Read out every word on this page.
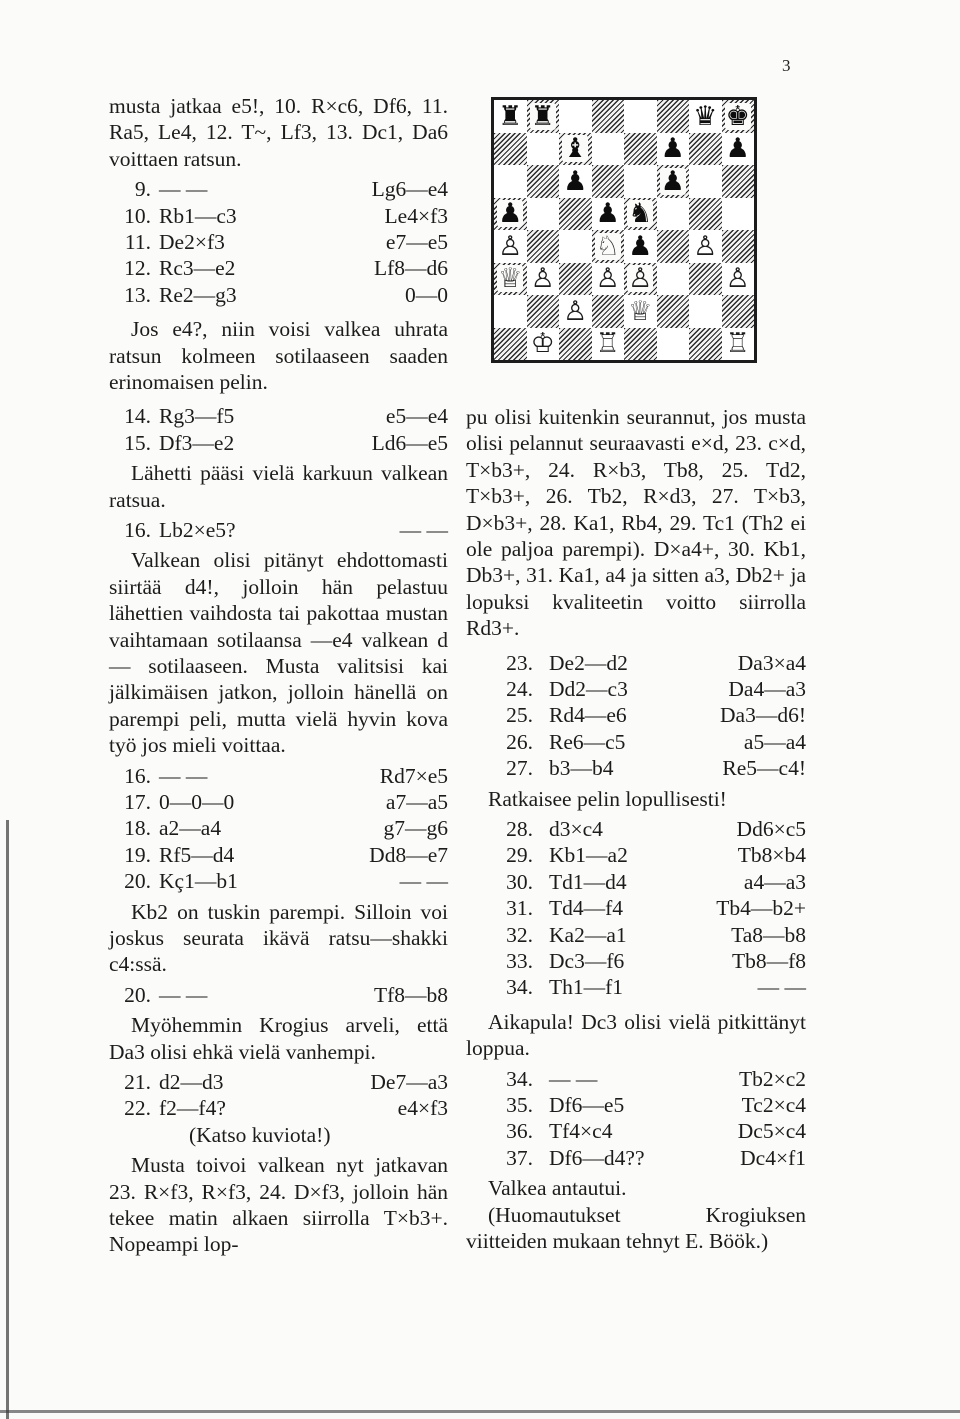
3

musta jatkaa e5!, 10. R×c6, Df6, 11. Ra5, Le4, 12. T~, Lf3, 13. Dc1, Da6 voittaen ratsun.

9. — —	Lg6—e4
10. Rb1—c3	Le4×f3
11. De2×f3	e7—e5
12. Rc3—e2	Lf8—d6
13. Re2—g3	0—0

Jos e4?, niin voisi valkea uhrata ratsun kolmeen sotilaaseen saaden erinomaisen pelin.

14. Rg3—f5	e5—e4
15. Df3—e2	Ld6—e5

Lähetti pääsi vielä karkuun valkean ratsua.

16. Lb2×e5?	— —

Valkean olisi pitänyt ehdottomasti siirtää d4!, jolloin hän pelastuu lähettien vaihdosta tai pakottaa mustan vaihtamaan sotilaansa —e4 valkean d— sotilaaseen. Musta valitsisi kai jälkimäisen jatkon, jolloin hänellä on parempi peli, mutta vielä hyvin kova työ jos mieli voittaa.

16. — —	Rd7×e5
17. 0—0—0	a7—a5
18. a2—a4	g7—g6
19. Rf5—d4	Dd8—e7
20. Kç1—b1	— —

Kb2 on tuskin parempi. Silloin voi joskus seurata ikävä ratsu—shakki c4:ssä.

20. — —	Tf8—b8

Myöhemmin Krogius arveli, että Da3 olisi ehkä vielä vanhempi.

21. d2—d3	De7—a3
22. f2—f4?	e4×f3

(Katso kuviota!)

Musta toivoi valkean nyt jatkavan 23. R×f3, R×f3, 24. D×f3, jolloin hän tekee matin alkaen siirrolla T×b3+. Nopeampi lop-

♜ ♜	♛ ♚
♝	♟ ♟
♟	♟
♟	♟ ♞
♙	♘ ♟ ♙
♕ ♙ ♙ ♙	♙
♙ ♕
♔ ♖	♖

pu olisi kuitenkin seurannut, jos musta olisi pelannut seuraavasti e×d, 23. c×d, T×b3+, 24. R×b3, Tb8, 25. Td2, T×b3+, 26. Tb2, R×d3, 27. T×b3, D×b3+, 28. Ka1, Rb4, 29. Tc1 (Th2 ei ole paljoa parempi). D×a4+, 30. Kb1, Db3+, 31. Ka1, a4 ja sitten a3, Db2+ ja lopuksi kvaliteetin voitto siirrolla Rd3+.

23. De2—d2	Da3×a4
24. Dd2—c3	Da4—a3
25. Rd4—e6	Da3—d6!
26. Re6—c5	a5—a4
27. b3—b4	Re5—c4!

Ratkaisee pelin lopullisesti!

28. d3×c4	Dd6×c5
29. Kb1—a2	Tb8×b4
30. Td1—d4	a4—a3
31. Td4—f4	Tb4—b2+
32. Ka2—a1	Ta8—b8
33. Dc3—f6	Tb8—f8
34. Th1—f1	— —

Aikapula! Dc3 olisi vielä pitkittänyt loppua.

34. — —	Tb2×c2
35. Df6—e5	Tc2×c4
36. Tf4×c4	Dc5×c4
37. Df6—d4??	Dc4×f1

Valkea antautui.

(Huomautukset Krogiuksen viitteiden mukaan tehnyt E. Böök.)
